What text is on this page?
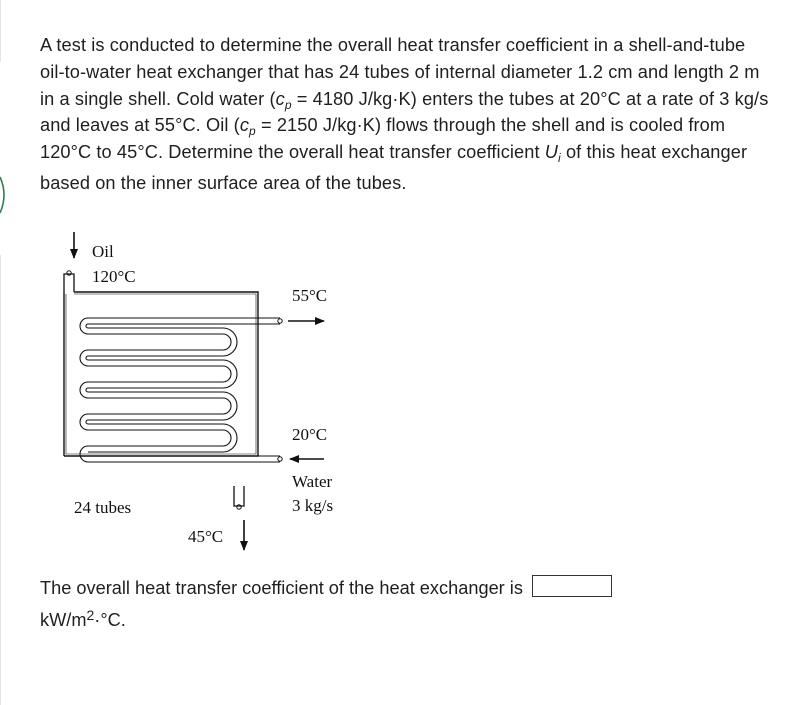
A test is conducted to determine the overall heat transfer coefficient in a shell-and-tube oil-to-water heat exchanger that has 24 tubes of internal diameter 1.2 cm and length 2 m in a single shell. Cold water ($c_p = 4180$ J/kg·K) enters the tubes at 20°C at a rate of 3 kg/s and leaves at 55°C. Oil ($c_p = 2150$ J/kg·K) flows through the shell and is cooled from 120°C to 45°C. Determine the overall heat transfer coefficient $U_i$ of this heat exchanger

based on the inner surface area of the tubes.

Oil
120°C
55°C
20°C
Water
3 kg/s
45°C
24 tubes
The overall heat transfer coefficient of the heat exchanger is
$kW/m^2\cdot^\circ C$.
